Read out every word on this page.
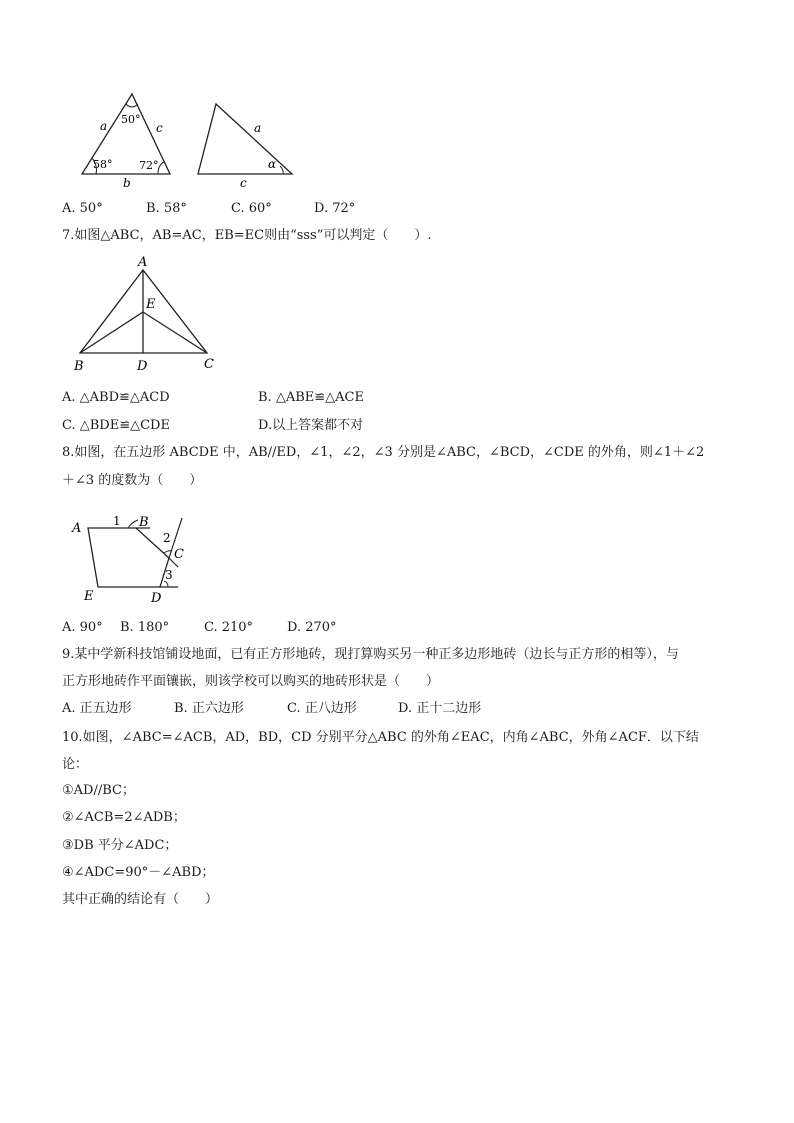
a	c
b
50°
58° 72°
a
c
α
A. 50°	B. 58°	C. 60°	D. 72°
7.如图△ABC，AB=AC，EB=EC则由“sss”可以判定（　　）.
A
E
B	D	C
A. △ABD≌△ACD	B. △ABE≌△ACE
C. △BDE≌△CDE	D.以上答案都不对
8.如图，在五边形 ABCDE 中，AB//ED，∠1，∠2，∠3 分别是∠ABC，∠BCD，∠CDE 的外角，则∠1＋∠2
＋∠3 的度数为（　　）
A	1 B
2
C
3
E	D
A. 90° B. 180°	C. 210°	D. 270°
9.某中学新科技馆铺设地面，已有正方形地砖，现打算购买另一种正多边形地砖（边长与正方形的相等），与
正方形地砖作平面镶嵌，则该学校可以购买的地砖形状是（　　）
A. 正五边形	B. 正六边形	C. 正八边形	D. 正十二边形
10.如图，∠ABC=∠ACB，AD，BD，CD 分别平分△ABC 的外角∠EAC，内角∠ABC，外角∠ACF．以下结
论：
①AD//BC；
②∠ACB=2∠ADB；
③DB 平分∠ADC；
④∠ADC=90°－∠ABD；
其中正确的结论有（　　）
